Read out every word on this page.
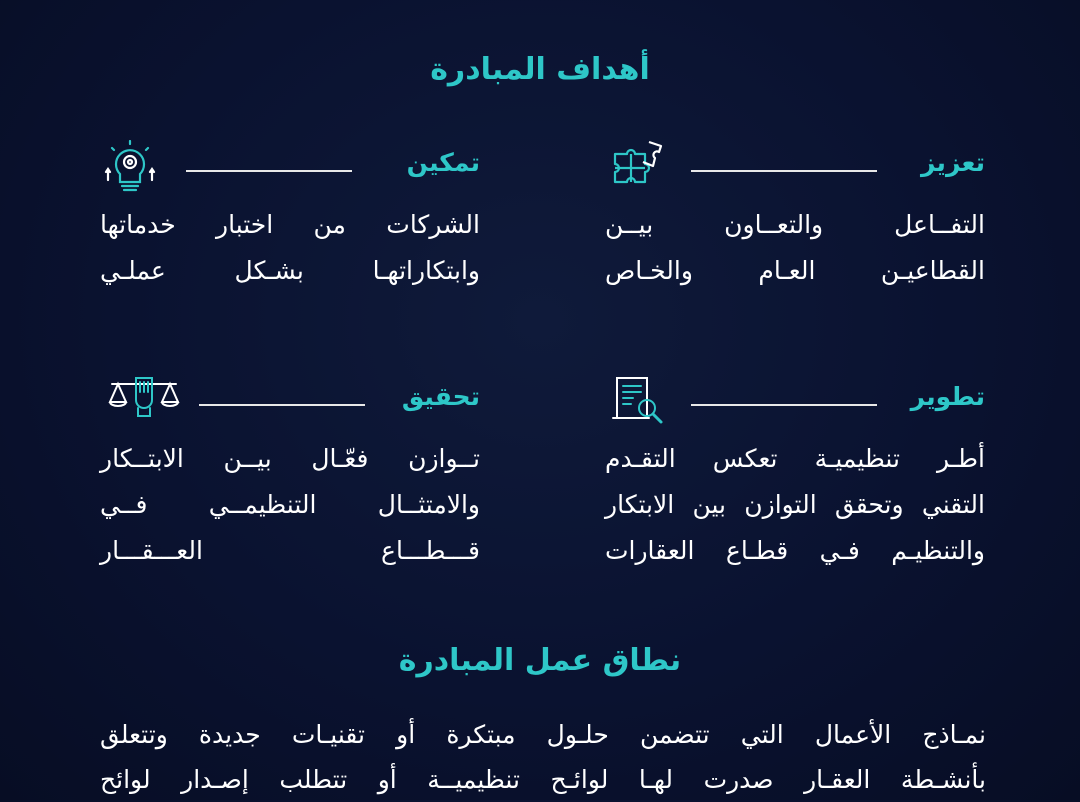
أهداف المبادرة
تعزيز
التفــاعل والتعــاون بيــن
القطاعيـن العـام والخـاص
تمكين
الشركات من اختبار خدماتها
وابتكاراتهـا بشـكل عملـي
تطوير
أطـر تنظيميـة تعكس التقـدم
التقني وتحقق التوازن بين الابتكار
والتنظيـم فـي قطـاع العقارات
تحقيق
تــوازن فعّـال بيــن الابتــكار
والامتثــال التنظيمــي فــي
قـــطـــاع العـــقـــار
نطاق عمل المبادرة
نمـاذج الأعمال التي تتضمن حلـول مبتكرة أو تقنيـات جديدة وتتعلق
بأنشـطة العقـار صدرت لهـا لوائـح تنظيميــة أو تتطلب إصـدار لوائح
